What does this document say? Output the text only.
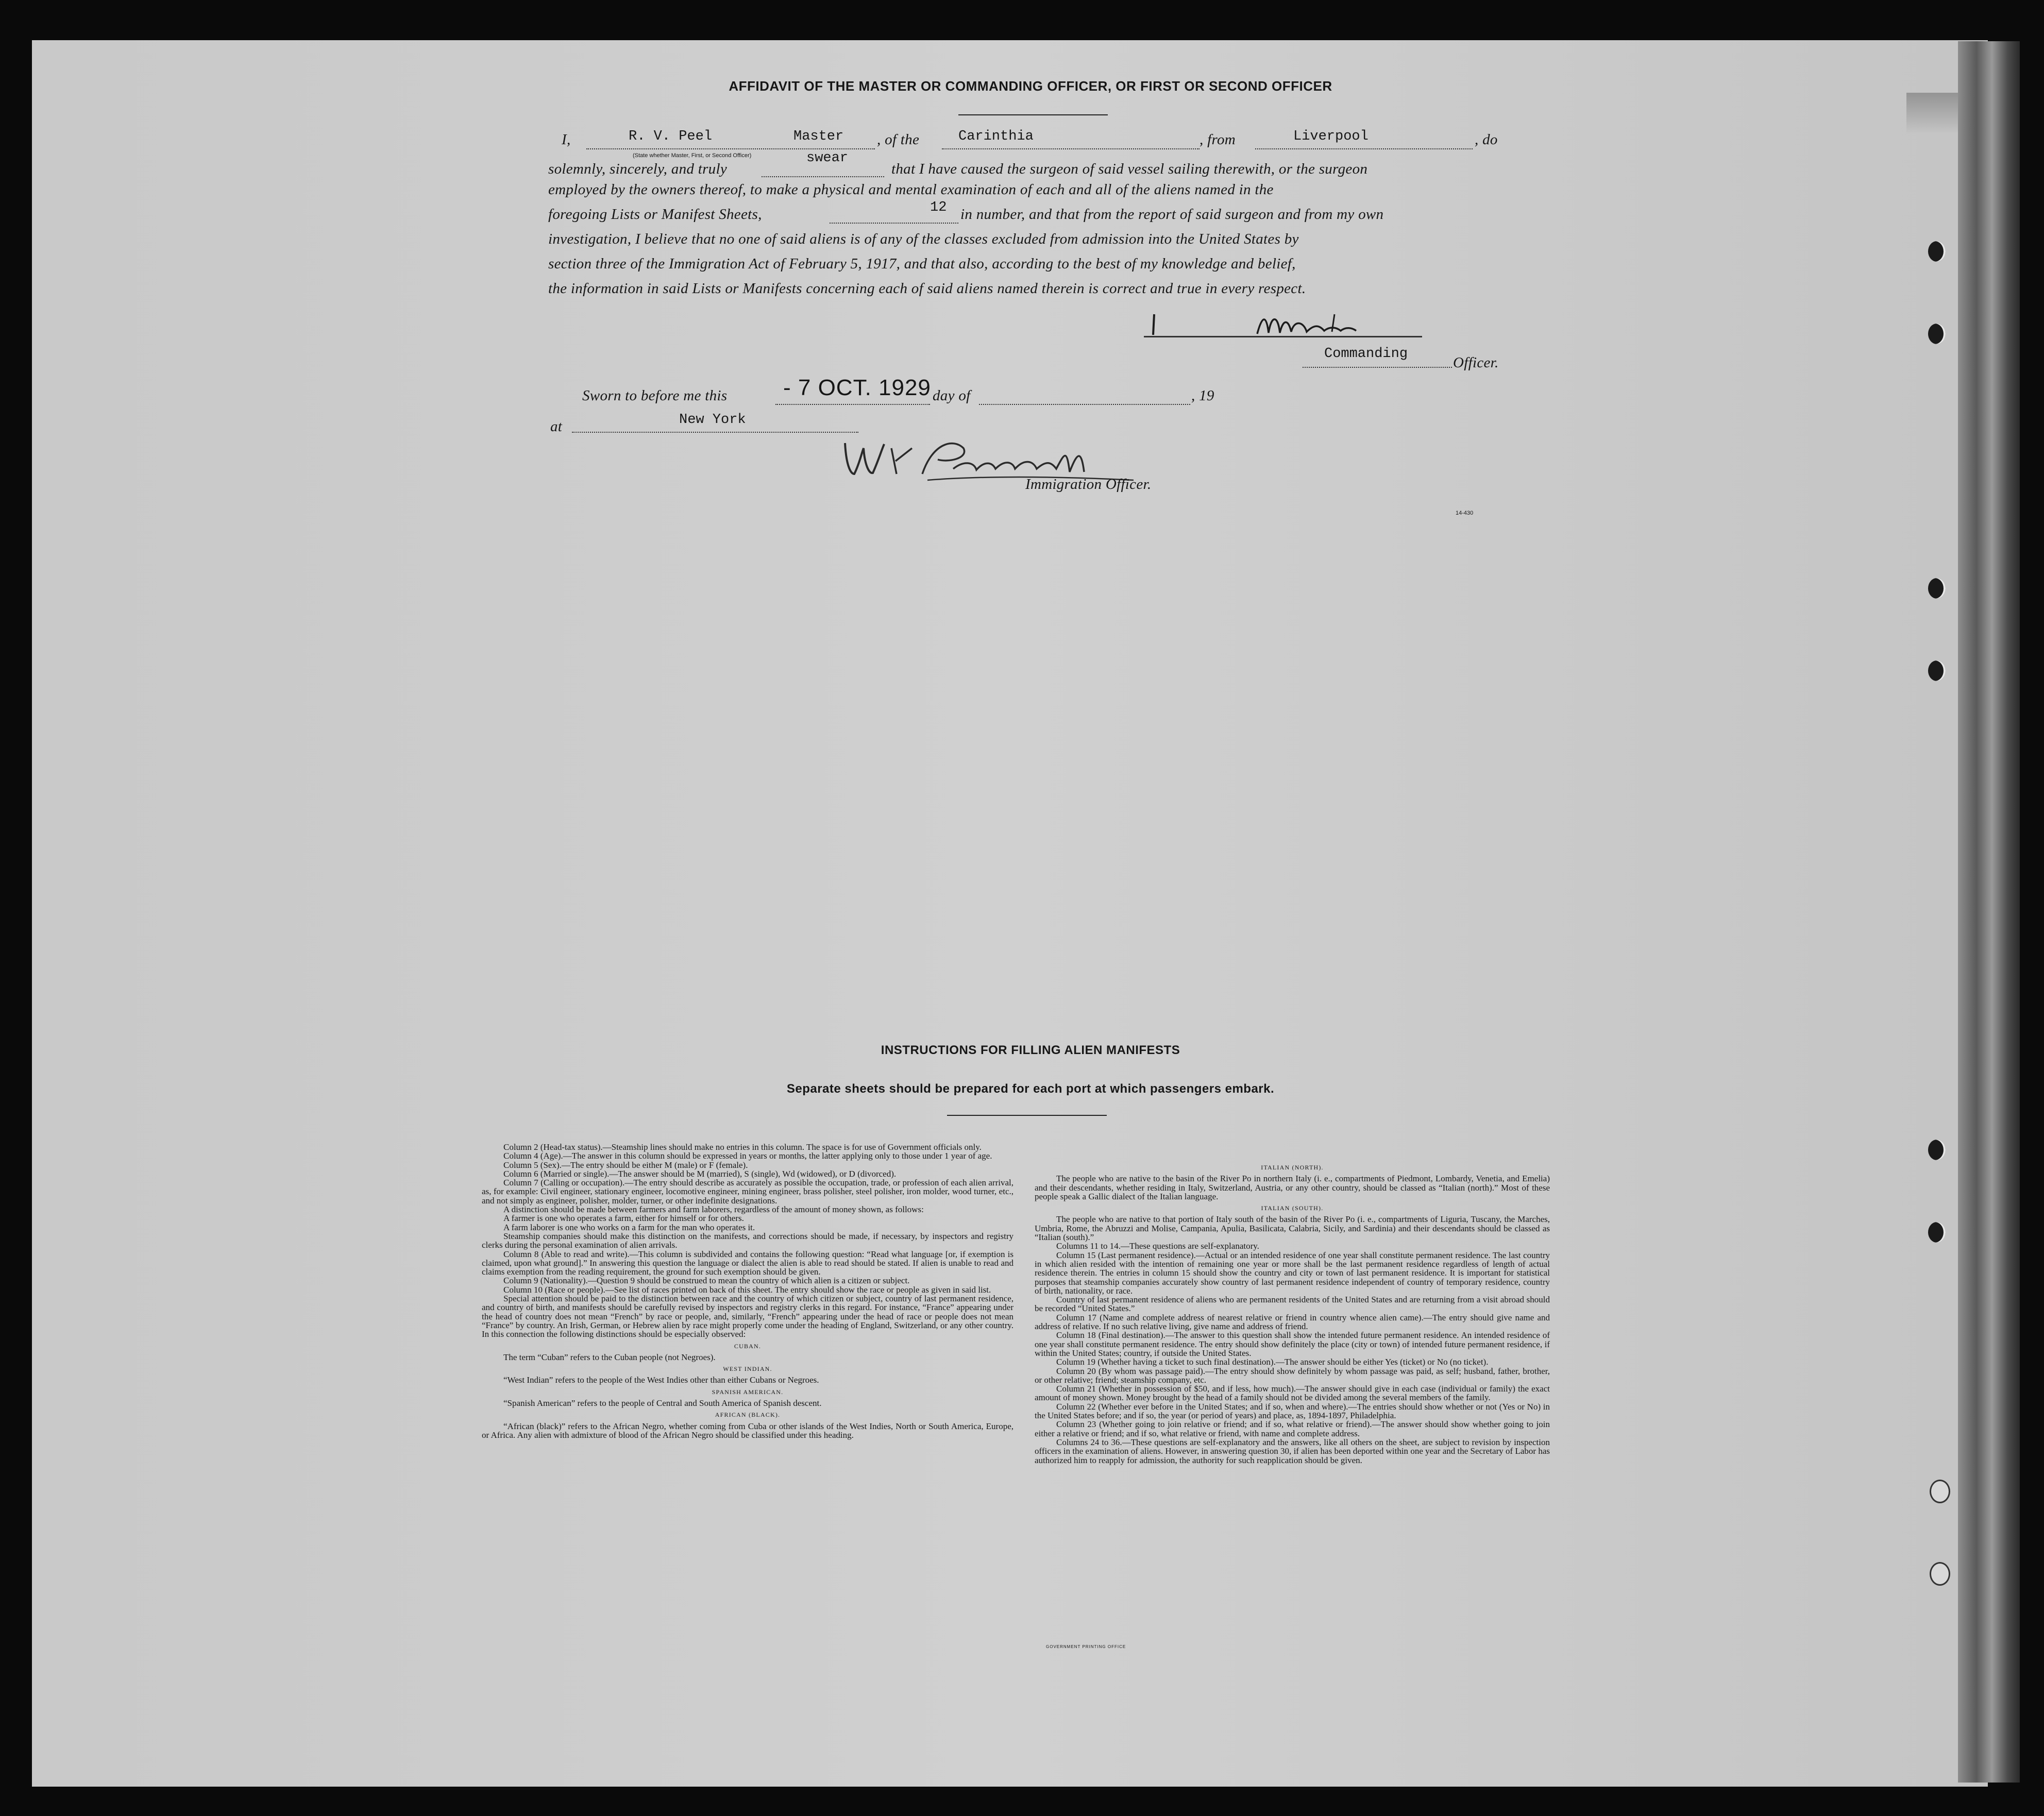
AFFIDAVIT OF THE MASTER OR COMMANDING OFFICER, OR FIRST OR SECOND OFFICER
I,	R. V. Peel	Master , of the	Carinthia	, from	Liverpool	, do
(State whether Master, First, or Second Officer)
solemnly, sincerely, and truly
swear
that I have caused the surgeon of said vessel sailing therewith, or the surgeon
employed by the owners thereof, to make a physical and mental examination of each and all of the aliens named in the
foregoing Lists or Manifest Sheets,	12 in number, and that from the report of said surgeon and from my own
investigation, I believe that no one of said aliens is of any of the classes excluded from admission into the United States by
section three of the Immigration Act of February 5, 1917, and that also, according to the best of my knowledge and belief,
the information in said Lists or Manifests concerning each of said aliens named therein is correct and true in every respect.
Commanding
Officer.
Sworn to before me this - 7 OCT. 1929 day of	, 19
at	New York
Immigration Officer.
14-430
INSTRUCTIONS FOR FILLING ALIEN MANIFESTS
Separate sheets should be prepared for each port at which passengers embark.

Column 2 (Head-tax status).—Steamship lines should make no entries in this column. The space is for use of Government officials only.

Column 4 (Age).—The answer in this column should be expressed in years or months, the latter applying only to those under 1 year of age.

Column 5 (Sex).—The entry should be either M (male) or F (female).

Column 6 (Married or single).—The answer should be M (married), S (single), Wd (widowed), or D (divorced).

Column 7 (Calling or occupation).—The entry should describe as accurately as possible the occupation, trade, or profession of each alien arrival, as, for example: Civil engineer, stationary engineer, locomotive engineer, mining engineer, brass polisher, steel polisher, iron molder, wood turner, etc., and not simply as engineer, polisher, molder, turner, or other indefinite designations.

A distinction should be made between farmers and farm laborers, regardless of the amount of money shown, as follows:

A farmer is one who operates a farm, either for himself or for others.

A farm laborer is one who works on a farm for the man who operates it.

Steamship companies should make this distinction on the manifests, and corrections should be made, if necessary, by inspectors and registry clerks during the personal examination of alien arrivals.

Column 8 (Able to read and write).—This column is subdivided and contains the following question: “Read what language [or, if exemption is claimed, upon what ground].” In answering this question the language or dialect the alien is able to read should be stated. If alien is unable to read and claims exemption from the reading requirement, the ground for such exemption should be given.

Column 9 (Nationality).—Question 9 should be construed to mean the country of which alien is a citizen or subject.

Column 10 (Race or people).—See list of races printed on back of this sheet. The entry should show the race or people as given in said list.

Special attention should be paid to the distinction between race and the country of which citizen or subject, country of last permanent residence, and country of birth, and manifests should be carefully revised by inspectors and registry clerks in this regard. For instance, “France” appearing under the head of country does not mean “French” by race or people, and, similarly, “French” appearing under the head of race or people does not mean “France” by country. An Irish, German, or Hebrew alien by race might properly come under the heading of England, Switzerland, or any other country. In this connection the following distinctions should be especially observed:

CUBAN.

The term “Cuban” refers to the Cuban people (not Negroes).

WEST INDIAN.

“West Indian” refers to the people of the West Indies other than either Cubans or Negroes.

SPANISH AMERICAN.

“Spanish American” refers to the people of Central and South America of Spanish descent.

AFRICAN (BLACK).

“African (black)” refers to the African Negro, whether coming from Cuba or other islands of the West Indies, North or South America, Europe, or Africa. Any alien with admixture of blood of the African Negro should be classified under this heading.

ITALIAN (NORTH).

The people who are native to the basin of the River Po in northern Italy (i. e., compartments of Piedmont, Lombardy, Venetia, and Emelia) and their descendants, whether residing in Italy, Switzerland, Austria, or any other country, should be classed as “Italian (north).” Most of these people speak a Gallic dialect of the Italian language.

ITALIAN (SOUTH).

The people who are native to that portion of Italy south of the basin of the River Po (i. e., compartments of Liguria, Tuscany, the Marches, Umbria, Rome, the Abruzzi and Molise, Campania, Apulia, Basilicata, Calabria, Sicily, and Sardinia) and their descendants should be classed as “Italian (south).”

Columns 11 to 14.—These questions are self-explanatory.

Column 15 (Last permanent residence).—Actual or an intended residence of one year shall constitute permanent residence. The last country in which alien resided with the intention of remaining one year or more shall be the last permanent residence regardless of length of actual residence therein. The entries in column 15 should show the country and city or town of last permanent residence. It is important for statistical purposes that steamship companies accurately show country of last permanent residence independent of country of temporary residence, country of birth, nationality, or race.

Country of last permanent residence of aliens who are permanent residents of the United States and are returning from a visit abroad should be recorded “United States.”

Column 17 (Name and complete address of nearest relative or friend in country whence alien came).—The entry should give name and address of relative. If no such relative living, give name and address of friend.

Column 18 (Final destination).—The answer to this question shall show the intended future permanent residence. An intended residence of one year shall constitute permanent residence. The entry should show definitely the place (city or town) of intended future permanent residence, if within the United States; country, if outside the United States.

Column 19 (Whether having a ticket to such final destination).—The answer should be either Yes (ticket) or No (no ticket).

Column 20 (By whom was passage paid).—The entry should show definitely by whom passage was paid, as self; husband, father, brother, or other relative; friend; steamship company, etc.

Column 21 (Whether in possession of $50, and if less, how much).—The answer should give in each case (individual or family) the exact amount of money shown. Money brought by the head of a family should not be divided among the several members of the family.

Column 22 (Whether ever before in the United States; and if so, when and where).—The entries should show whether or not (Yes or No) in the United States before; and if so, the year (or period of years) and place, as, 1894-1897, Philadelphia.

Column 23 (Whether going to join relative or friend; and if so, what relative or friend).—The answer should show whether going to join either a relative or friend; and if so, what relative or friend, with name and complete address.

Columns 24 to 36.—These questions are self-explanatory and the answers, like all others on the sheet, are subject to revision by inspection officers in the examination of aliens. However, in answering question 30, if alien has been deported within one year and the Secretary of Labor has authorized him to reapply for admission, the authority for such reapplication should be given.

GOVERNMENT PRINTING OFFICE
